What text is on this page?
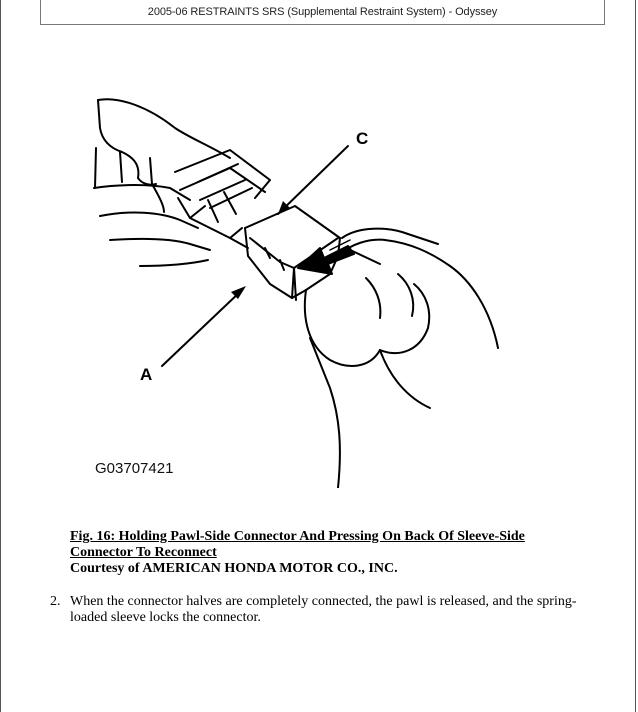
2005-06 RESTRAINTS SRS (Supplemental Restraint System) - Odyssey
C
A
G03707421
Fig. 16: Holding Pawl-Side Connector And Pressing On Back Of Sleeve-Side Connector To Reconnect
Courtesy of AMERICAN HONDA MOTOR CO., INC.
2. When the connector halves are completely connected, the pawl is released, and the spring-loaded sleeve locks the connector.
